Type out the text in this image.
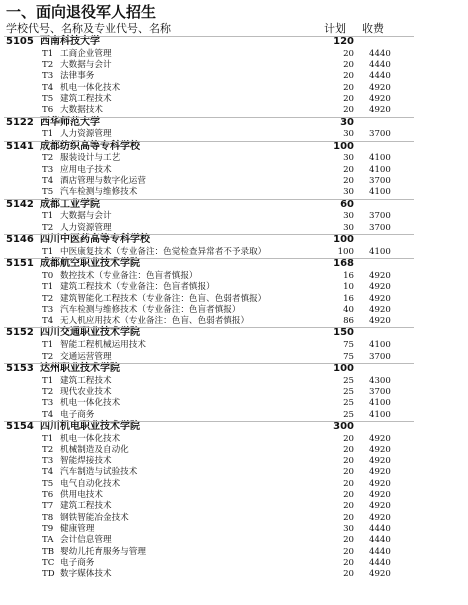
一、面向退役军人招生
学校代号、名称及专业代号、名称	计划 收费
5105 西南科技大学	120
T1 工商企业管理	20 4440
T2 大数据与会计	20 4440
T3 法律事务	20 4440
T4 机电一体化技术	20 4920
T5 建筑工程技术	20 4920
T6 大数据技术	20 4920
5122 西华师范大学	30
T1 人力资源管理	30 3700
5141 成都纺织高等专科学校	100
T2 服装设计与工艺	30 4100
T3 应用电子技术	20 4100
T4 酒店管理与数字化运营	20 3700
T5 汽车检测与维修技术	30 4100
5142 成都工业学院	60
T1 大数据与会计	30 3700
T2 人力资源管理	30 3700
5146 四川中医药高等专科学校	100
T1 中医康复技术（专业备注：色觉检查异常者不予录取）	100 4100
5151 成都航空职业技术学院	168
T0 数控技术（专业备注：色盲者慎报）	16 4920
T1 建筑工程技术（专业备注：色盲者慎报）	10 4920
T2 建筑智能化工程技术（专业备注：色盲、色弱者慎报）	16 4920
T3 汽车检测与维修技术（专业备注：色盲者慎报）	40 4920
T4 无人机应用技术（专业备注：色盲、色弱者慎报）	86 4920
5152 四川交通职业技术学院	150
T1 智能工程机械运用技术	75 4100
T2 交通运营管理	75 3700
5153 达州职业技术学院	100
T1 建筑工程技术	25 4300
T2 现代农业技术	25 3700
T3 机电一体化技术	25 4100
T4 电子商务	25 4100
5154 四川机电职业技术学院	300
T1 机电一体化技术	20 4920
T2 机械制造及自动化	20 4920
T3 智能焊接技术	20 4920
T4 汽车制造与试验技术	20 4920
T5 电气自动化技术	20 4920
T6 供用电技术	20 4920
T7 建筑工程技术	20 4920
T8 钢铁智能冶金技术	20 4920
T9 健康管理	30 4440
TA 会计信息管理	20 4440
TB 婴幼儿托育服务与管理	20 4440
TC 电子商务	20 4440
TD 数字媒体技术	20 4920
